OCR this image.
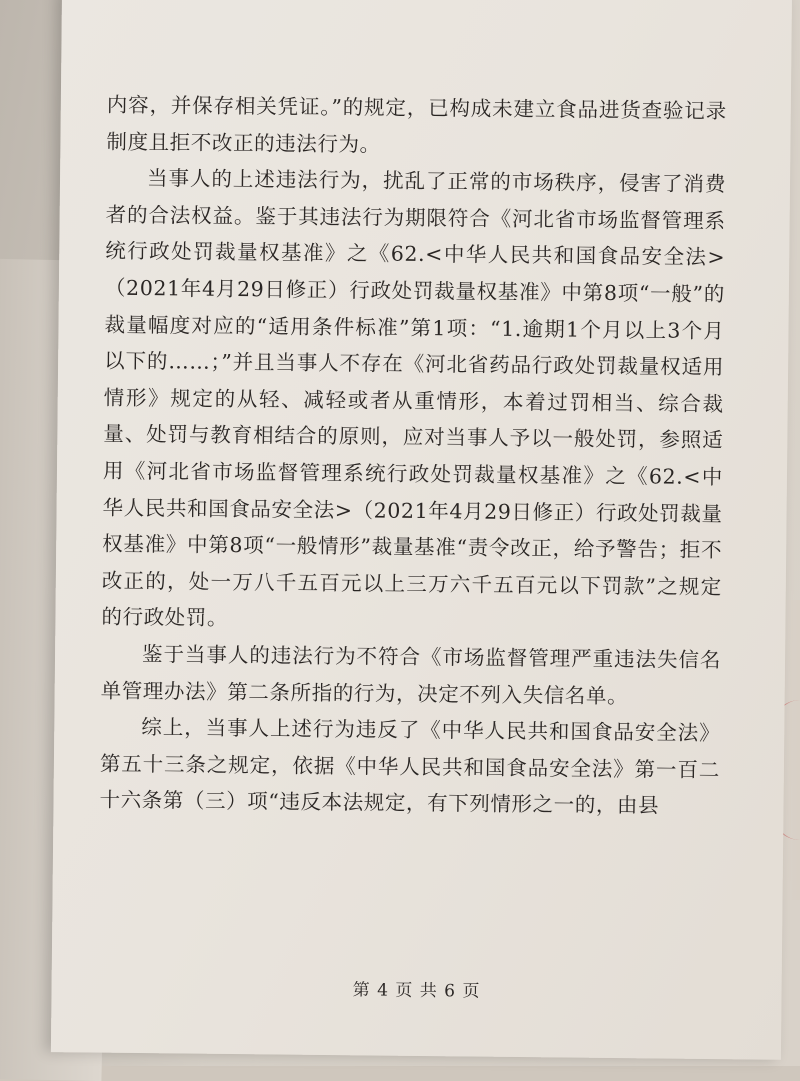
内容，并保存相关凭证。”的规定，已构成未建立食品进货查验记录制度且拒不改正的违法行为。

当事人的上述违法行为，扰乱了正常的市场秩序，侵害了消费者的合法权益。鉴于其违法行为期限符合《河北省市场监督管理系统行政处罚裁量权基准》之《62.<中华人民共和国食品安全法>（2021年4月29日修正）行政处罚裁量权基准》中第8项“一般”的裁量幅度对应的“适用条件标准”第1项：“1.逾期1个月以上3个月以下的……；”并且当事人不存在《河北省药品行政处罚裁量权适用情形》规定的从轻、减轻或者从重情形，本着过罚相当、综合裁量、处罚与教育相结合的原则，应对当事人予以一般处罚，参照适用《河北省市场监督管理系统行政处罚裁量权基准》之《62.<中华人民共和国食品安全法>（2021年4月29日修正）行政处罚裁量权基准》中第8项“一般情形”裁量基准“责令改正，给予警告；拒不改正的，处一万八千五百元以上三万六千五百元以下罚款”之规定的行政处罚。

鉴于当事人的违法行为不符合《市场监督管理严重违法失信名单管理办法》第二条所指的行为，决定不列入失信名单。

综上，当事人上述行为违反了《中华人民共和国食品安全法》第五十三条之规定，依据《中华人民共和国食品安全法》第一百二十六条第（三）项“违反本法规定，有下列情形之一的，由县

第 4 页 共 6 页
